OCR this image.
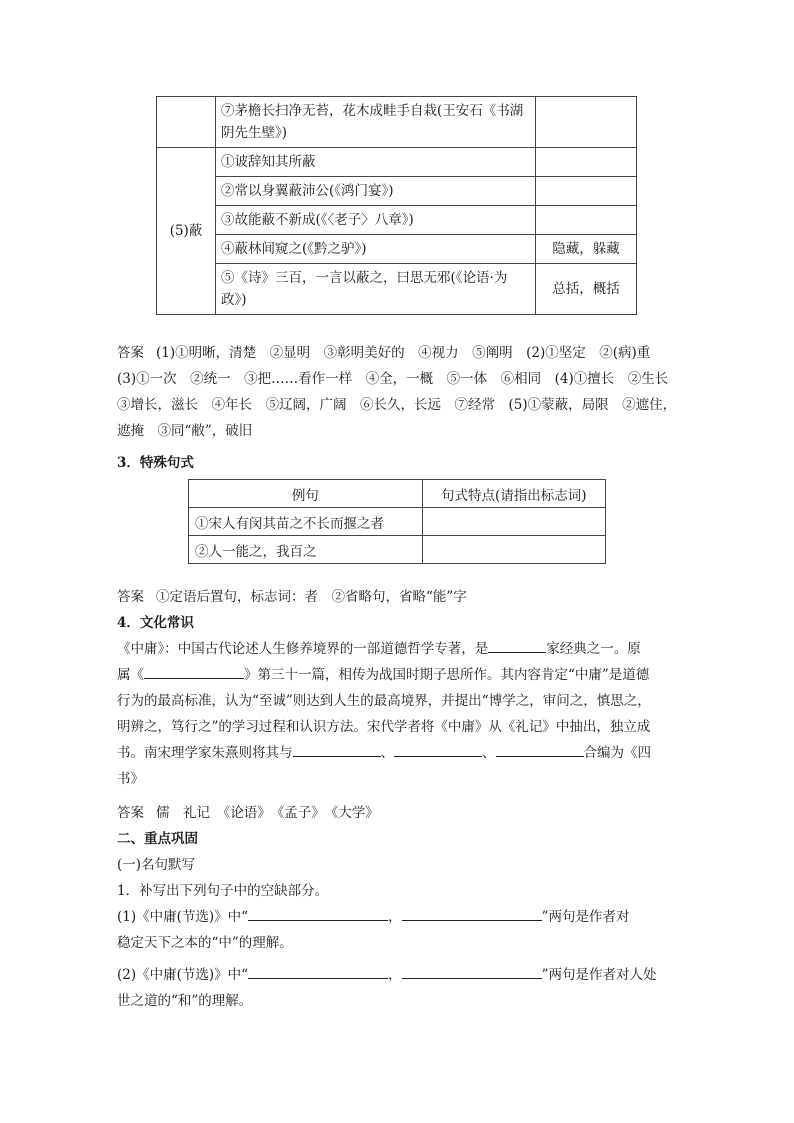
	⑦茅檐长扫净无苔，花木成畦手自栽(王安石《书湖阴先生壁》)	
(5)蔽	①诐辞知其所蔽	
	②常以身翼蔽沛公(《鸿门宴》)	
	③故能蔽不新成(《〈老子〉八章》)	
	④蔽林间窥之(《黔之驴》)	隐藏，躲藏
	⑤《诗》三百，一言以蔽之，曰思无邪(《论语·为政》)	总括，概括
答案 (1)①明晰，清楚　②显明　③彰明美好的　④视力　⑤阐明　(2)①坚定　②(病)重
(3)①一次　②统一　③把……看作一样　④全，一概　⑤一体　⑥相同　(4)①擅长　②生长
③增长，滋长　④年长　⑤辽阔，广阔　⑥长久，长远　⑦经常　(5)①蒙蔽，局限　②遮住，
遮掩　③同“敝”，破旧
3．特殊句式
例句	句式特点(请指出标志词)
①宋人有闵其苗之不长而揠之者	
②人一能之，我百之	
答案 ①定语后置句，标志词：者　②省略句，省略“能”字
4．文化常识
《中庸》：中国古代论述人生修养境界的一部道德哲学专著，是	家经典之一。原
属《	》第三十一篇，相传为战国时期子思所作。其内容肯定“中庸”是道德
行为的最高标准，认为“至诚”则达到人生的最高境界，并提出“博学之，审问之，慎思之，
明辨之，笃行之”的学习过程和认识方法。宋代学者将《中庸》从《礼记》中抽出，独立成
书。南宋理学家朱熹则将其与	、	、	合编为《四
书》
答案 儒　礼记　《论语》　《孟子》　《大学》
二、重点巩固
(一)名句默写
1．补写出下列句子中的空缺部分。
(1)《中庸(节选)》中“	，	”两句是作者对
稳定天下之本的“中”的理解。
(2)《中庸(节选)》中“	，	”两句是作者对人处
世之道的“和”的理解。
